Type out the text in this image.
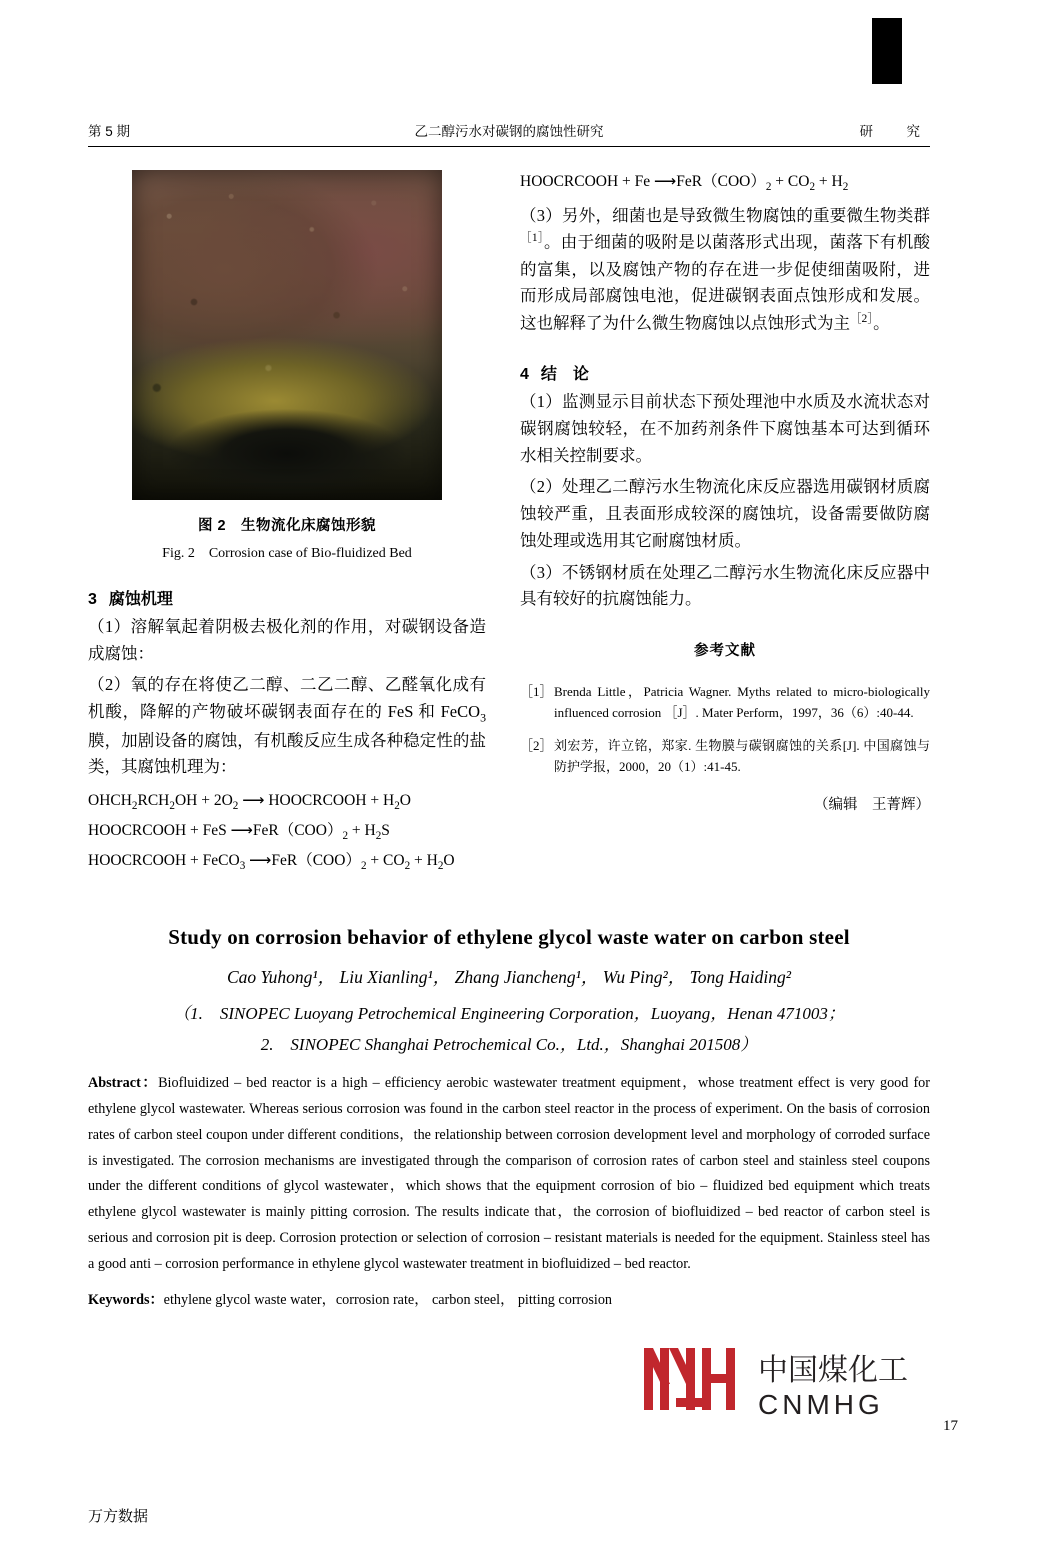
第 5 期	乙二醇污水对碳钢的腐蚀性研究	研　究
图 2　生物流化床腐蚀形貌
Fig. 2　Corrosion case of Bio-fluidized Bed
3 腐蚀机理
（1）溶解氧起着阴极去极化剂的作用，对碳钢设备造成腐蚀：
（2）氧的存在将使乙二醇、二乙二醇、乙醛氧化成有机酸，降解的产物破坏碳钢表面存在的 FeS 和 FeCO$_3$ 膜，加剧设备的腐蚀，有机酸反应生成各种稳定性的盐类，其腐蚀机理为：
$OHCH_2RCH_2OH + 2O_2$ ⟶ HOOCRCOOH + $H_2O$
HOOCRCOOH + FeS $⟶FeR(COO)_2 + H_2S$
HOOCRCOOH + FeCO$_3$ $⟶FeR(COO)_2 + CO_2 + H_2O$
HOOCRCOOH + Fe $⟶FeR(COO)_2 + CO_2 + H_2$
（3）另外，细菌也是导致微生物腐蚀的重要微生物类群$^{[1]}$。由于细菌的吸附是以菌落形式出现，菌落下有机酸的富集，以及腐蚀产物的存在进一步促使细菌吸附，进而形成局部腐蚀电池，促进碳钢表面点蚀形成和发展。这也解释了为什么微生物腐蚀以点蚀形式为主$^{[2]}$。
4 结　论
（1）监测显示目前状态下预处理池中水质及水流状态对碳钢腐蚀较轻，在不加药剂条件下腐蚀基本可达到循环水相关控制要求。
（2）处理乙二醇污水生物流化床反应器选用碳钢材质腐蚀较严重，且表面形成较深的腐蚀坑，设备需要做防腐蚀处理或选用其它耐腐蚀材质。
（3）不锈钢材质在处理乙二醇污水生物流化床反应器中具有较好的抗腐蚀能力。
参考文献
［1］ Brenda Little，Patricia Wagner. Myths related to micro-biologically influenced corrosion ［J］. Mater Perform，1997，36（6）:40-44.
［2］ 刘宏芳，许立铭，郑家. 生物膜与碳钢腐蚀的关系[J]. 中国腐蚀与防护学报，2000，20（1）:41-45.
（编辑　王菁辉）
Study on corrosion behavior of ethylene glycol waste water on carbon steel
Cao Yuhong¹， Liu Xianling¹， Zhang Jiancheng¹， Wu Ping²， Tong Haiding²
（1.　SINOPEC Luoyang Petrochemical Engineering Corporation，Luoyang，Henan 471003；
2.　SINOPEC Shanghai Petrochemical Co.，Ltd.，Shanghai 201508）
Abstract：Biofluidized – bed reactor is a high – efficiency aerobic wastewater treatment equipment，whose treatment effect is very good for ethylene glycol wastewater. Whereas serious corrosion was found in the carbon steel reactor in the process of experiment. On the basis of corrosion rates of carbon steel coupon under different conditions，the relationship between corrosion development level and morphology of corroded surface is investigated. The corrosion mechanisms are investigated through the comparison of corrosion rates of carbon steel and stainless steel coupons under the different conditions of glycol wastewater，which shows that the equipment corrosion of bio – fluidized bed equipment which treats ethylene glycol wastewater is mainly pitting corrosion. The results indicate that，the corrosion of biofluidized – bed reactor of carbon steel is serious and corrosion pit is deep. Corrosion protection or selection of corrosion – resistant materials is needed for the equipment. Stainless steel has a good anti – corrosion performance in ethylene glycol wastewater treatment in biofluidized – bed reactor.
Keywords：ethylene glycol waste water，corrosion rate， carbon steel， pitting corrosion
中国煤化工
CNMHG
17
万方数据
